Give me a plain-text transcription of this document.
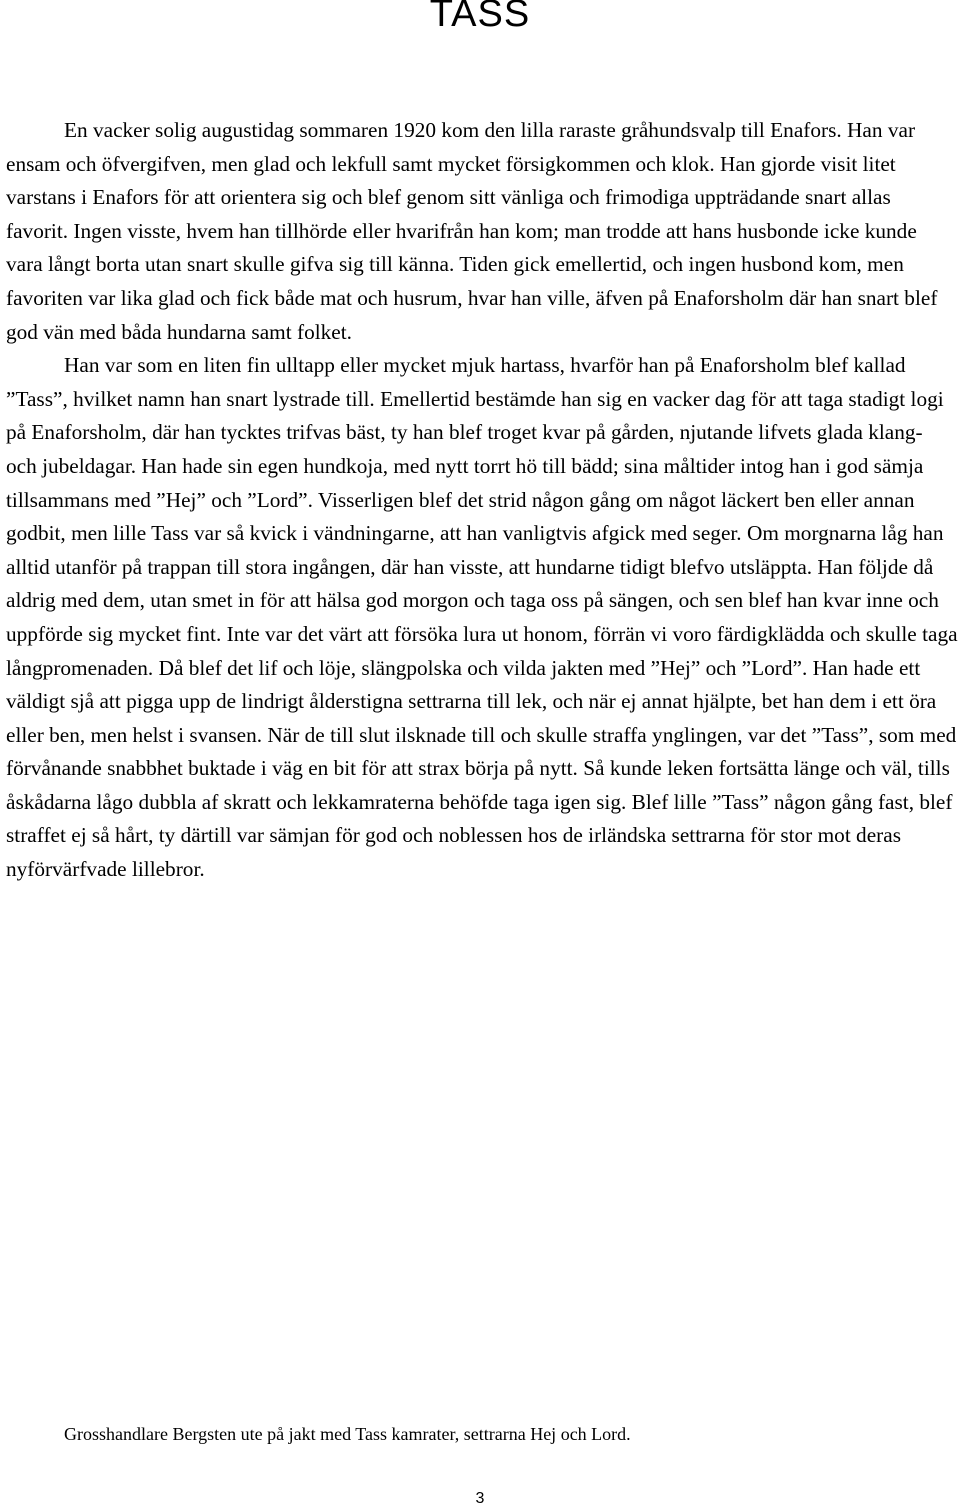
TASS

En vacker solig augustidag sommaren 1920 kom den lilla raraste gråhundsvalp till Enafors. Han var ensam och öfvergifven, men glad och lekfull samt mycket försigkommen och klok. Han gjorde visit litet varstans i Enafors för att orientera sig och blef genom sitt vänliga och frimodiga uppträdande snart allas favorit. Ingen visste, hvem han tillhörde eller hvarifrån han kom; man trodde att hans husbonde icke kunde vara långt borta utan snart skulle gifva sig till känna. Tiden gick emellertid, och ingen husbond kom, men favoriten var lika glad och fick både mat och husrum, hvar han ville, äfven på Enaforsholm där han snart blef god vän med båda hundarna samt folket.

Han var som en liten fin ulltapp eller mycket mjuk hartass, hvarför han på Enaforsholm blef kallad ”Tass”, hvilket namn han snart lystrade till. Emellertid bestämde han sig en vacker dag för att taga stadigt logi på Enaforsholm, där han tycktes trifvas bäst, ty han blef troget kvar på gården, njutande lifvets glada klang- och jubeldagar. Han hade sin egen hundkoja, med nytt torrt hö till bädd; sina måltider intog han i god sämja tillsammans med ”Hej” och ”Lord”. Visserligen blef det strid någon gång om något läckert ben eller annan godbit, men lille Tass var så kvick i vändningarne, att han vanligtvis afgick med seger. Om morgnarna låg han alltid utanför på trappan till stora ingången, där han visste, att hundarne tidigt blefvo utsläppta. Han följde då aldrig med dem, utan smet in för att hälsa god morgon och taga oss på sängen, och sen blef han kvar inne och uppförde sig mycket fint. Inte var det värt att försöka lura ut honom, förrän vi voro färdigklädda och skulle taga långpromenaden. Då blef det lif och löje, slängpolska och vilda jakten med ”Hej” och ”Lord”. Han hade ett väldigt sjå att pigga upp de lindrigt ålderstigna settrarna till lek, och när ej annat hjälpte, bet han dem i ett öra eller ben, men helst i svansen. När de till slut ilsknade till och skulle straffa ynglingen, var det ”Tass”, som med förvånande snabbhet buktade i väg en bit för att strax börja på nytt. Så kunde leken fortsätta länge och väl, tills åskådarna lågo dubbla af skratt och lekkamraterna behöfde taga igen sig. Blef lille ”Tass” någon gång fast, blef straffet ej så hårt, ty därtill var sämjan för god och noblessen hos de irländska settrarna för stor mot deras nyförvärfvade lillebror.

Grosshandlare Bergsten ute på jakt med Tass kamrater, settrarna Hej och Lord.

3
